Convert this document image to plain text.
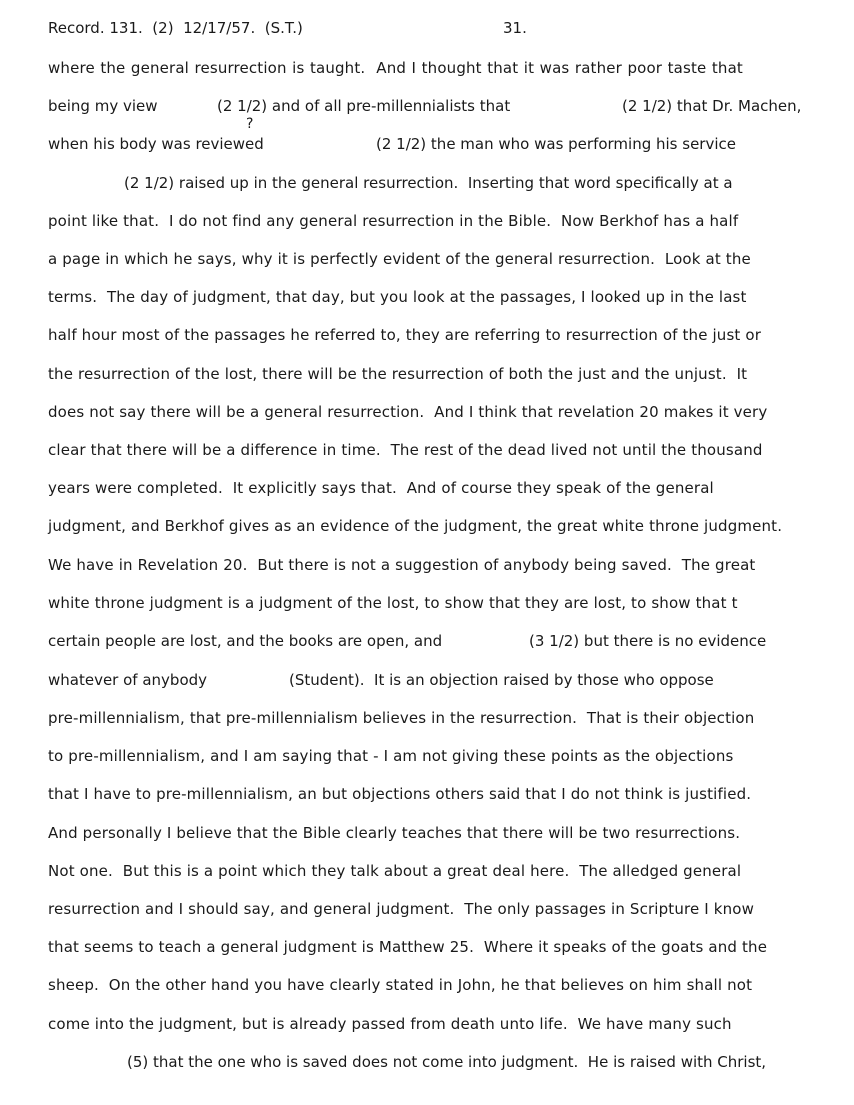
Record. 131.  (2)  12/17/57.  (S.T.)	31.
where the general resurrection is taught.  And I thought that it was rather poor taste that
being my view	(2 1/2) and of all pre-millennialists that	(2 1/2) that Dr. Machen,
?
when his body was reviewed	(2 1/2) the man who was performing his service
(2 1/2) raised up in the general resurrection.  Inserting that word specifically at a
point like that.  I do not find any general resurrection in the Bible.  Now Berkhof has a half
a page in which he says, why it is perfectly evident of the general resurrection.  Look at the
terms.  The day of judgment, that day, but you look at the passages, I looked up in the last
half hour most of the passages he referred to, they are referring to resurrection of the just or
the resurrection of the lost, there will be the resurrection of both the just and the unjust.  It
does not say there will be a general resurrection.  And I think that revelation 20 makes it very
clear that there will be a difference in time.  The rest of the dead lived not until the thousand
years were completed.  It explicitly says that.  And of course they speak of the general
judgment, and Berkhof gives as an evidence of the judgment, the great white throne judgment.
We have in Revelation 20.  But there is not a suggestion of anybody being saved.  The great
white throne judgment is a judgment of the lost, to show that they are lost, to show that t
certain people are lost, and the books are open, and	(3 1/2) but there is no evidence
whatever of anybody	(Student).  It is an objection raised by those who oppose
pre-millennialism, that pre-millennialism believes in the resurrection.  That is their objection
to pre-millennialism, and I am saying that - I am not giving these points as the objections
that I have to pre-millennialism, an but objections others said that I do not think is justified.
And personally I believe that the Bible clearly teaches that there will be two resurrections.
Not one.  But this is a point which they talk about a great deal here.  The alledged general
resurrection and I should say, and general judgment.  The only passages in Scripture I know
that seems to teach a general judgment is Matthew 25.  Where it speaks of the goats and the
sheep.  On the other hand you have clearly stated in John, he that believes on him shall not
come into the judgment, but is already passed from death unto life.  We have many such
(5) that the one who is saved does not come into judgment.  He is raised with Christ,
